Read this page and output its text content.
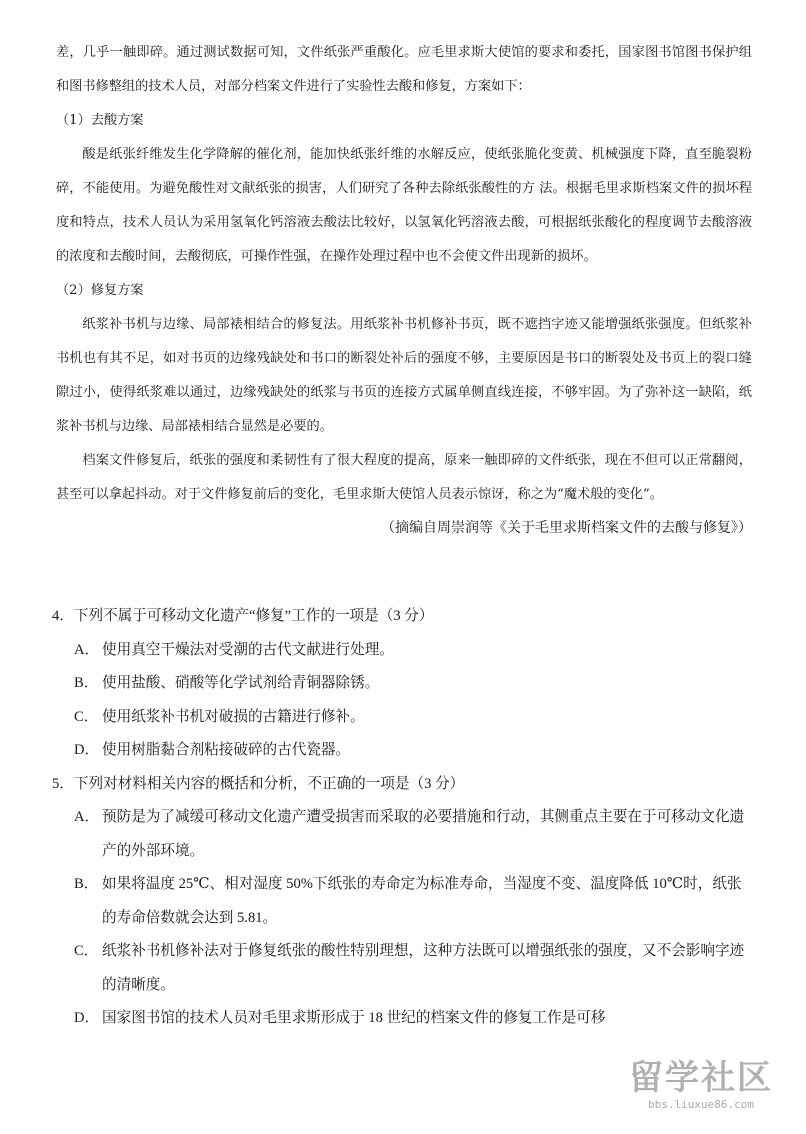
差，几乎一触即碎。通过测试数据可知，文件纸张严重酸化。应毛里求斯大使馆的要求和委托，国家图书馆图书保护组和图书修整组的技术人员，对部分档案文件进行了实验性去酸和修复，方案如下：

（1）去酸方案

酸是纸张纤维发生化学降解的催化剂，能加快纸张纤维的水解反应，使纸张脆化变黄、机械强度下降，直至脆裂粉碎，不能使用。为避免酸性对文献纸张的损害，人们研究了各种去除纸张酸性的方 法。根据毛里求斯档案文件的损坏程度和特点，技术人员认为采用氢氧化钙溶液去酸法比较好，以氢氧化钙溶液去酸，可根据纸张酸化的程度调节去酸溶液的浓度和去酸时间，去酸彻底，可操作性强，在操作处理过程中也不会使文件出现新的损坏。

（2）修复方案

纸浆补书机与边缘、局部裱相结合的修复法。用纸浆补书机修补书页，既不遮挡字迹又能增强纸张强度。但纸浆补书机也有其不足，如对书页的边缘残缺处和书口的断裂处补后的强度不够，主要原因是书口的断裂处及书页上的裂口缝隙过小，使得纸浆难以通过，边缘残缺处的纸浆与书页的连接方式属单侧直线连接，不够牢固。为了弥补这一缺陷，纸浆补书机与边缘、局部裱相结合显然是必要的。

档案文件修复后，纸张的强度和柔韧性有了很大程度的提高，原来一触即碎的文件纸张，现在不但可以正常翻阅，甚至可以拿起抖动。对于文件修复前后的变化，毛里求斯大使馆人员表示惊讶，称之为“魔术般的变化”。

（摘编自周崇润等《关于毛里求斯档案文件的去酸与修复》）

4．下列不属于可移动文化遗产“修复”工作的一项是（3 分）

A． 使用真空干燥法对受潮的古代文献进行处理。

B． 使用盐酸、硝酸等化学试剂给青铜器除锈。

C． 使用纸浆补书机对破损的古籍进行修补。

D． 使用树脂黏合剂粘接破碎的古代瓷器。

5．下列对材料相关内容的概括和分析，不正确的一项是（3 分）

A． 预防是为了减缓可移动文化遗产遭受损害而采取的必要措施和行动，其侧重点主要在于可移动文化遗产的外部环境。

B． 如果将温度 25℃、相对湿度 50%下纸张的寿命定为标准寿命，当湿度不变、温度降低 10℃时，纸张的寿命倍数就会达到 5.81。

C． 纸浆补书机修补法对于修复纸张的酸性特别理想，这种方法既可以增强纸张的强度，又不会影响字迹的清晰度。

D． 国家图书馆的技术人员对毛里求斯形成于 18 世纪的档案文件的修复工作是可移

留学社区
bbs.liuxue86.com
